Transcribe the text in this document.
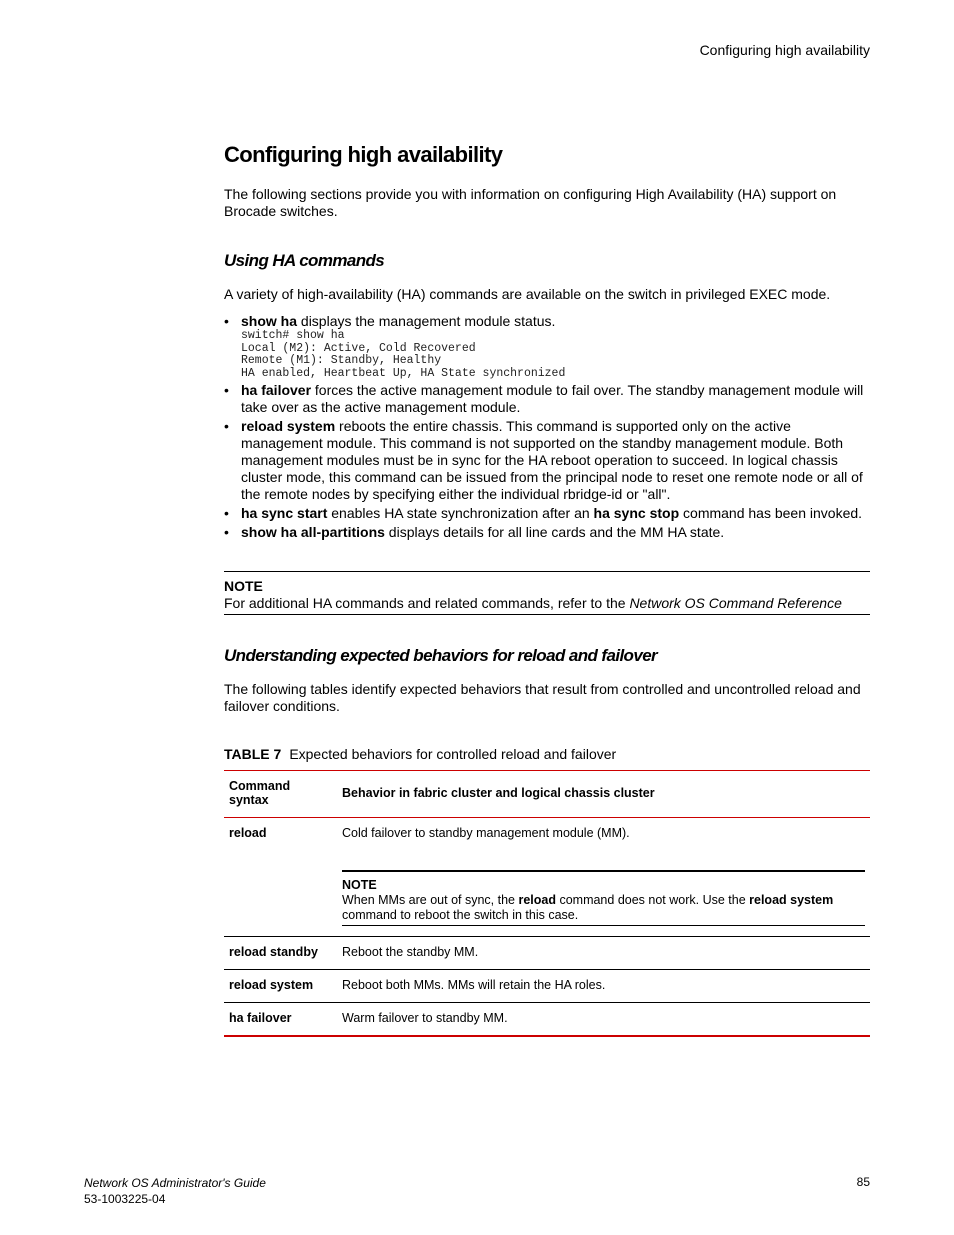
Configuring high availability
Configuring high availability

The following sections provide you with information on configuring High Availability (HA) support on Brocade switches.

Using HA commands

A variety of high-availability (HA) commands are available on the switch in privileged EXEC mode.

• show ha displays the management module status.
switch# show ha
Local (M2): Active, Cold Recovered
Remote (M1): Standby, Healthy
HA enabled, Heartbeat Up, HA State synchronized
• ha failover forces the active management module to fail over. The standby management module will take over as the active management module.
• reload system reboots the entire chassis. This command is supported only on the active management module. This command is not supported on the standby management module. Both management modules must be in sync for the HA reboot operation to succeed. In logical chassis cluster mode, this command can be issued from the principal node to reset one remote node or all of the remote nodes by specifying either the individual rbridge-id or "all".
• ha sync start enables HA state synchronization after an ha sync stop command has been invoked.
• show ha all-partitions displays details for all line cards and the MM HA state.
NOTE
For additional HA commands and related commands, refer to the Network OS Command Reference
Understanding expected behaviors for reload and failover

The following tables identify expected behaviors that result from controlled and uncontrolled reload and failover conditions.

TABLE 7 Expected behaviors for controlled reload and failover
Command syntax	Behavior in fabric cluster and logical chassis cluster
reload	Cold failover to standby management module (MM).
NOTE
When MMs are out of sync, the reload command does not work. Use the reload system command to reboot the switch in this case.

reload standby	Reboot the standby MM.
reload system	Reboot both MMs. MMs will retain the HA roles.
ha failover	Warm failover to standby MM.
Network OS Administrator's Guide
53-1003225-04
85
